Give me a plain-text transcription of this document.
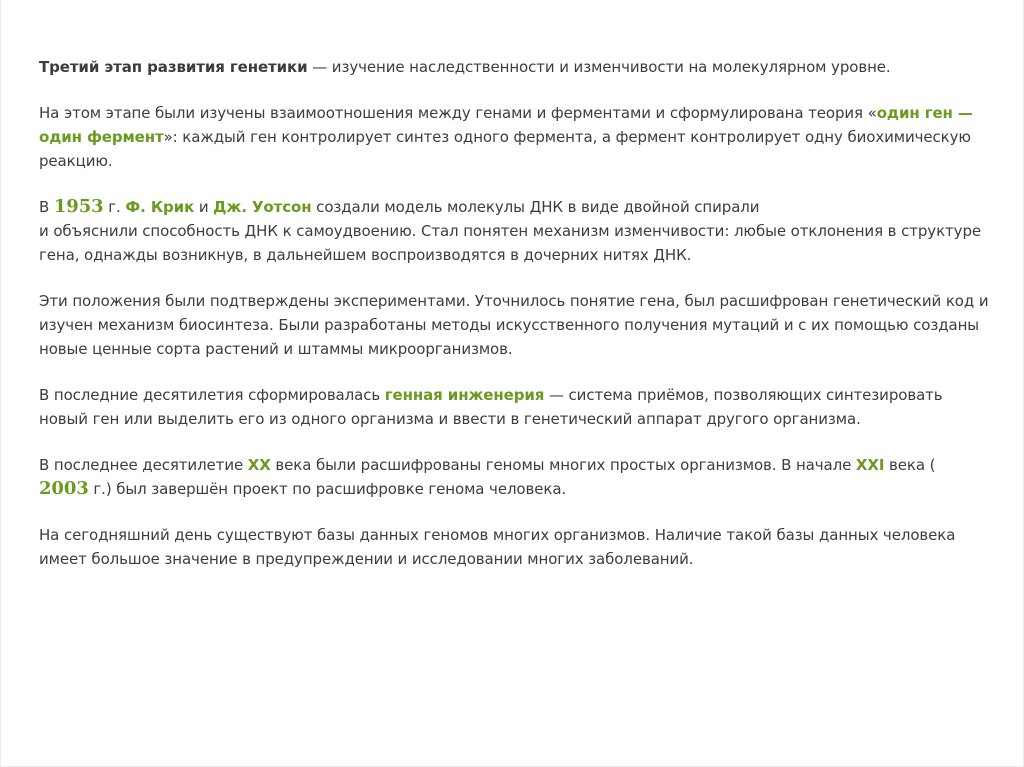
Третий этап развития генетики — изучение наследственности и изменчивости на молекулярном уровне.

На этом этапе были изучены взаимоотношения между генами и ферментами и сформулирована теория «один ген — один фермент»: каждый ген контролирует синтез одного фермента, а фермент контролирует одну биохимическую реакцию.

В 1953 г. Ф. Крик и Дж. Уотсон создали модель молекулы ДНК в виде двойной спирали
и объяснили способность ДНК к самоудвоению. Стал понятен механизм изменчивости: любые отклонения в структуре гена, однажды возникнув, в дальнейшем воспроизводятся в дочерних нитях ДНК.

Эти положения были подтверждены экспериментами. Уточнилось понятие гена, был расшифрован генетический код и изучен механизм биосинтеза. Были разработаны методы искусственного получения мутаций и с их помощью созданы новые ценные сорта растений и штаммы микроорганизмов.

В последние десятилетия сформировалась генная инженерия — система приёмов, позволяющих синтезировать новый ген или выделить его из одного организма и ввести в генетический аппарат другого организма.

В последнее десятилетие XX века были расшифрованы геномы многих простых организмов. В начале XXI века (
2003 г.) был завершён проект по расшифровке генома человека.

На сегодняшний день существуют базы данных геномов многих организмов. Наличие такой базы данных человека имеет большое значение в предупреждении и исследовании многих заболеваний.
